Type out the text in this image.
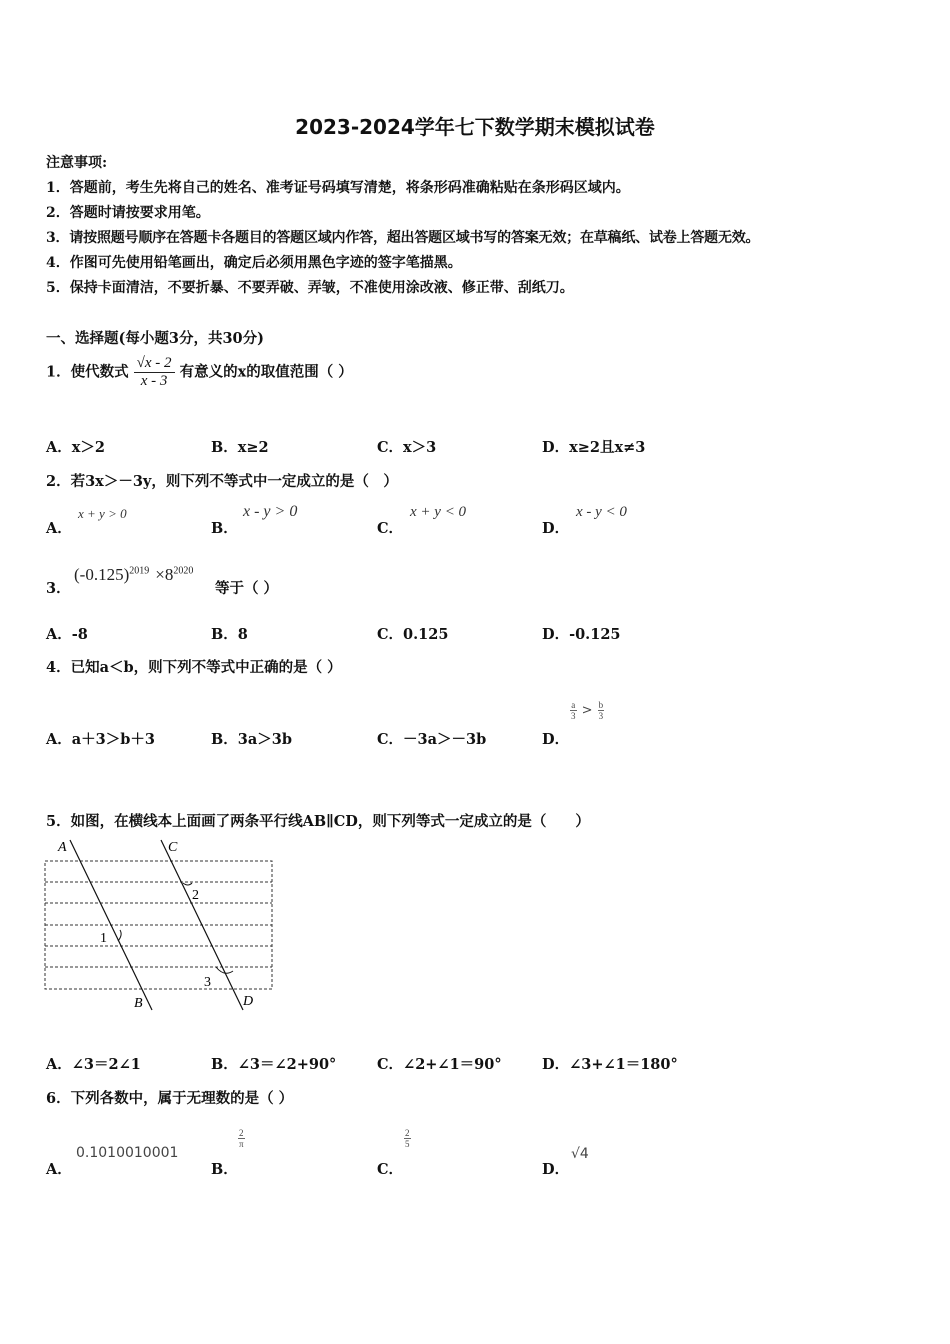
2023-2024学年七下数学期末模拟试卷
注意事项:
1．答题前，考生先将自己的姓名、准考证号码填写清楚，将条形码准确粘贴在条形码区域内。
2．答题时请按要求用笔。
3．请按照题号顺序在答题卡各题目的答题区域内作答，超出答题区域书写的答案无效；在草稿纸、试卷上答题无效。
4．作图可先使用铅笔画出，确定后必须用黑色字迹的签字笔描黑。
5．保持卡面清洁，不要折暴、不要弄破、弄皱，不准使用涂改液、修正带、刮纸刀。
一、选择题(每小题3分，共30分)
1．使代数式 $\frac{√x - 2}{x - 3}$ 有意义的x的取值范围（ ）
A．x＞2	B．x≥2	C．x＞3	D．x≥2且x≠3
2．若3x＞－3y，则下列不等式中一定成立的是（　）
A．
x + y > 0
B．
x - y > 0
C．
x + y < 0
D．
x - y < 0
3．
$(-0.125)^{2019} \times 8^{2020}$
等于（ ）
A．-8	B．8	C．0.125	D．-0.125
4．已知a＜b，则下列不等式中正确的是（ ）
A．a＋3＞b＋3	B．3a＞3b	C．－3a＞－3b	D．
$\frac{a}{3} ^> \frac{b}{3}$
5．如图，在横线本上面画了两条平行线AB∥CD，则下列等式一定成立的是（　　）
A
B
C
D
1
2
3
A．∠3＝2∠1	B．∠3＝∠2+90°	C．∠2+∠1＝90°	D．∠3+∠1＝180°
6．下列各数中，属于无理数的是（ ）
A．
0.1010010001
B．
$\frac{2}{\pi}$
C．
$\frac{2}{5}$
D．
√4
